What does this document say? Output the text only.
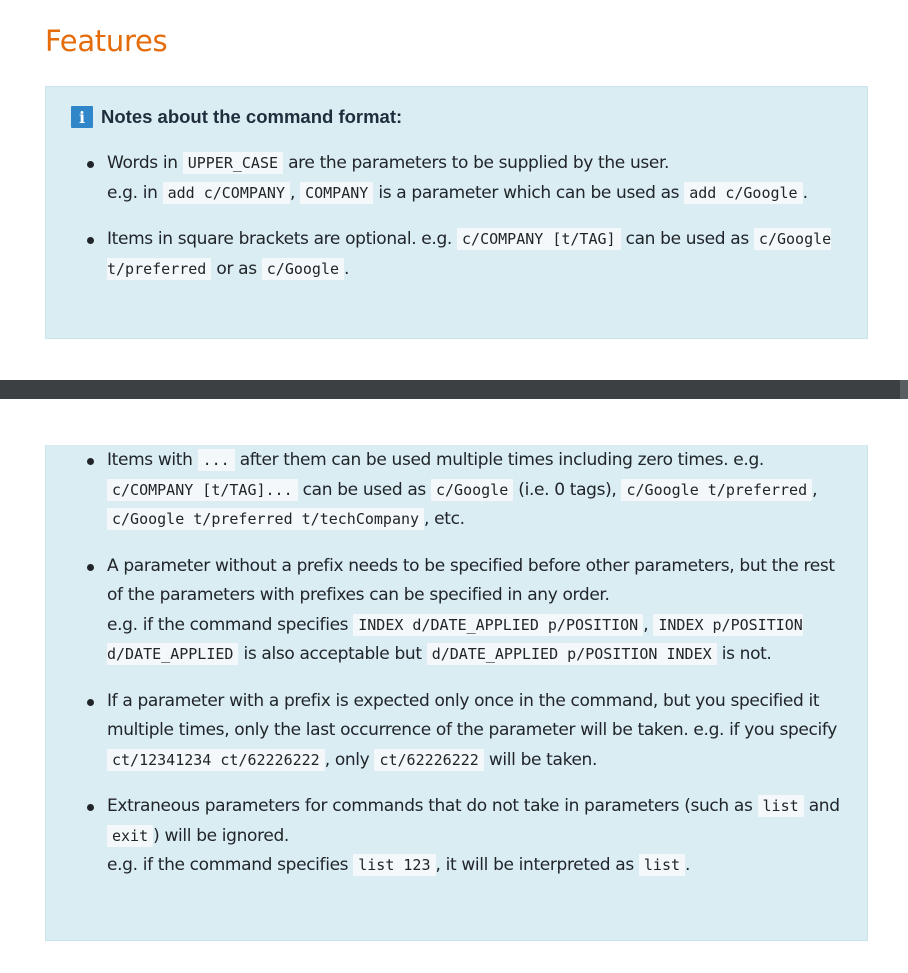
Features
i Notes about the command format:
Words in UPPER_CASE are the parameters to be supplied by the user.
e.g. in add c/COMPANY , COMPANY is a parameter which can be used as add c/Google .
Items in square brackets are optional. e.g. c/COMPANY [t/TAG] can be used as c/Google t/preferred or as c/Google .
Items with ... after them can be used multiple times including zero times. e.g. c/COMPANY [t/TAG]... can be used as c/Google (i.e. 0 tags), c/Google t/preferred , c/Google t/preferred t/techCompany , etc.
A parameter without a prefix needs to be specified before other parameters, but the rest of the parameters with prefixes can be specified in any order.
e.g. if the command specifies INDEX d/DATE_APPLIED p/POSITION , INDEX p/POSITION d/DATE_APPLIED is also acceptable but d/DATE_APPLIED p/POSITION INDEX is not.
If a parameter with a prefix is expected only once in the command, but you specified it multiple times, only the last occurrence of the parameter will be taken. e.g. if you specify ct/12341234 ct/62226222 , only ct/62226222 will be taken.
Extraneous parameters for commands that do not take in parameters (such as list and exit ) will be ignored.
e.g. if the command specifies list 123 , it will be interpreted as list .
